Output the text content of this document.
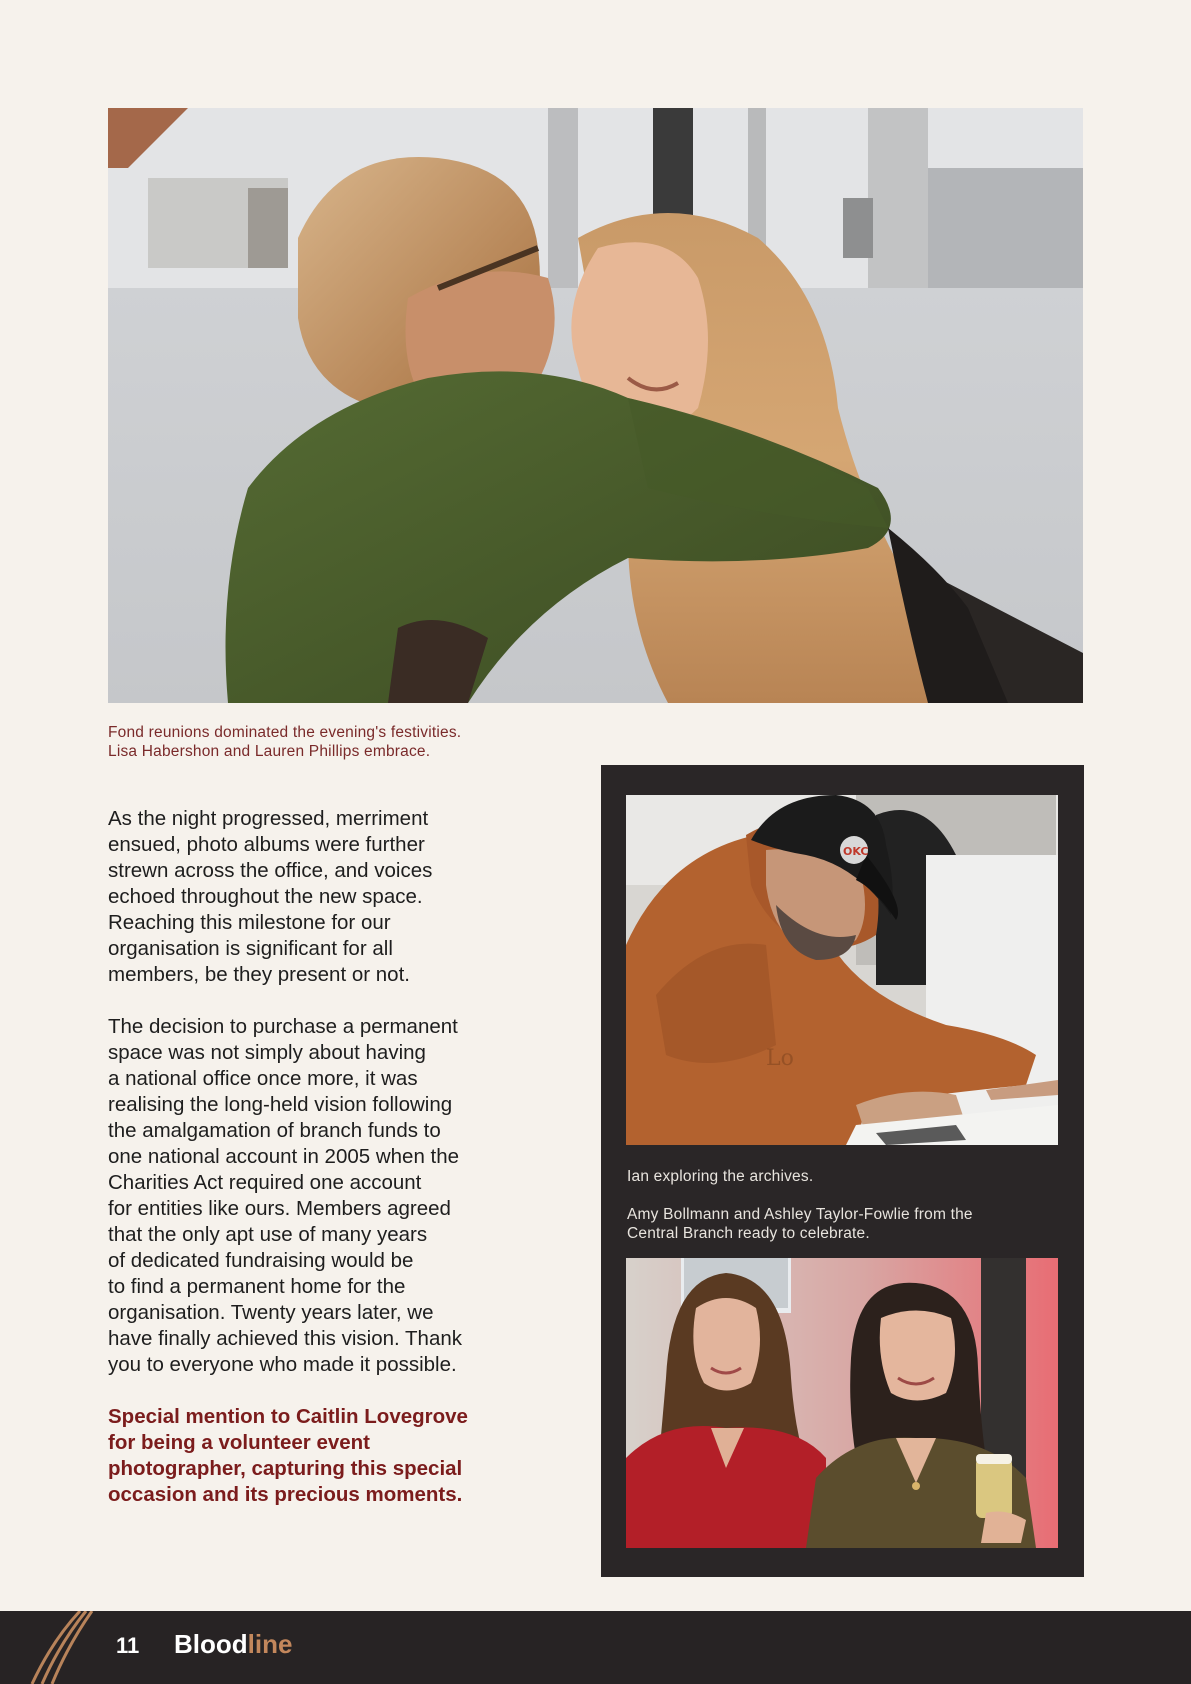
Fond reunions dominated the evening's festivities.
Lisa Habershon and Lauren Phillips embrace.

As the night progressed, merriment
ensued, photo albums were further
strewn across the office, and voices
echoed throughout the new space.
Reaching this milestone for our
organisation is significant for all
members, be they present or not.

The decision to purchase a permanent
space was not simply about having
a national office once more, it was
realising the long-held vision following
the amalgamation of branch funds to
one national account in 2005 when the
Charities Act required one account
for entities like ours. Members agreed
that the only apt use of many years
of dedicated fundraising would be
to find a permanent home for the
organisation. Twenty years later, we
have finally achieved this vision. Thank
you to everyone who made it possible.

Special mention to Caitlin Lovegrove
for being a volunteer event
photographer, capturing this special
occasion and its precious moments.

Lo
OKC
Ian exploring the archives.
Amy Bollmann and Ashley Taylor-Fowlie from the
Central Branch ready to celebrate.
11 Bloodline
